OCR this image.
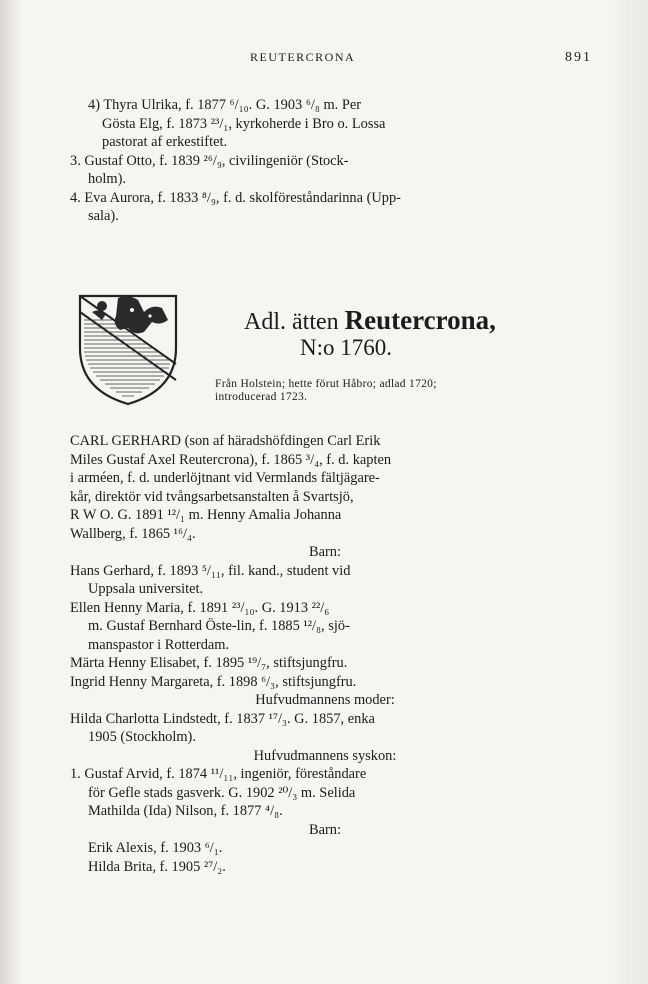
REUTERCRONA	891
4) Thyra Ulrika, f. 1877 ⁶/₁₀. G. 1903 ⁶/₈ m. Per
Gösta Elg, f. 1873 ²³/₁, kyrkoherde i Bro o. Lossa
pastorat af erkestiftet.
3. Gustaf Otto, f. 1839 ²⁶/₉, civilingeniör (Stock-
holm).
4. Eva Aurora, f. 1833 ⁸/₉, f. d. skolföreståndarinna (Upp-
sala).
Adl. ätten Reutercrona,
N:o 1760.
Från Holstein; hette förut Håbro; adlad 1720;
introducerad 1723.
CARL GERHARD (son af häradshöfdingen Carl Erik
Miles Gustaf Axel Reutercrona), f. 1865 ³/₄, f. d. kapten
i arméen, f. d. underlöjtnant vid Vermlands fältjägare-
kår, direktör vid tvångsarbetsanstalten å Svartsjö,
R W O. G. 1891 ¹²/₁ m. Henny Amalia Johanna
Wallberg, f. 1865 ¹⁶/₄.
Barn:
Hans Gerhard, f. 1893 ⁵/₁₁, fil. kand., student vid
Uppsala universitet.
Ellen Henny Maria, f. 1891 ²³/₁₀. G. 1913 ²²/₆
m. Gustaf Bernhard Öste-lin, f. 1885 ¹²/₈, sjö-
manspastor i Rotterdam.
Märta Henny Elisabet, f. 1895 ¹⁹/₇, stiftsjungfru.
Ingrid Henny Margareta, f. 1898 ⁶/₃, stiftsjungfru.
Hufvudmannens moder:
Hilda Charlotta Lindstedt, f. 1837 ¹⁷/₃. G. 1857, enka
1905 (Stockholm).
Hufvudmannens syskon:
1. Gustaf Arvid, f. 1874 ¹¹/₁₁, ingeniör, föreståndare
för Gefle stads gasverk. G. 1902 ²⁰/₃ m. Selida
Mathilda (Ida) Nilson, f. 1877 ⁴/₈.
Barn:
Erik Alexis, f. 1903 ⁶/₁.
Hilda Brita, f. 1905 ²⁷/₂.
